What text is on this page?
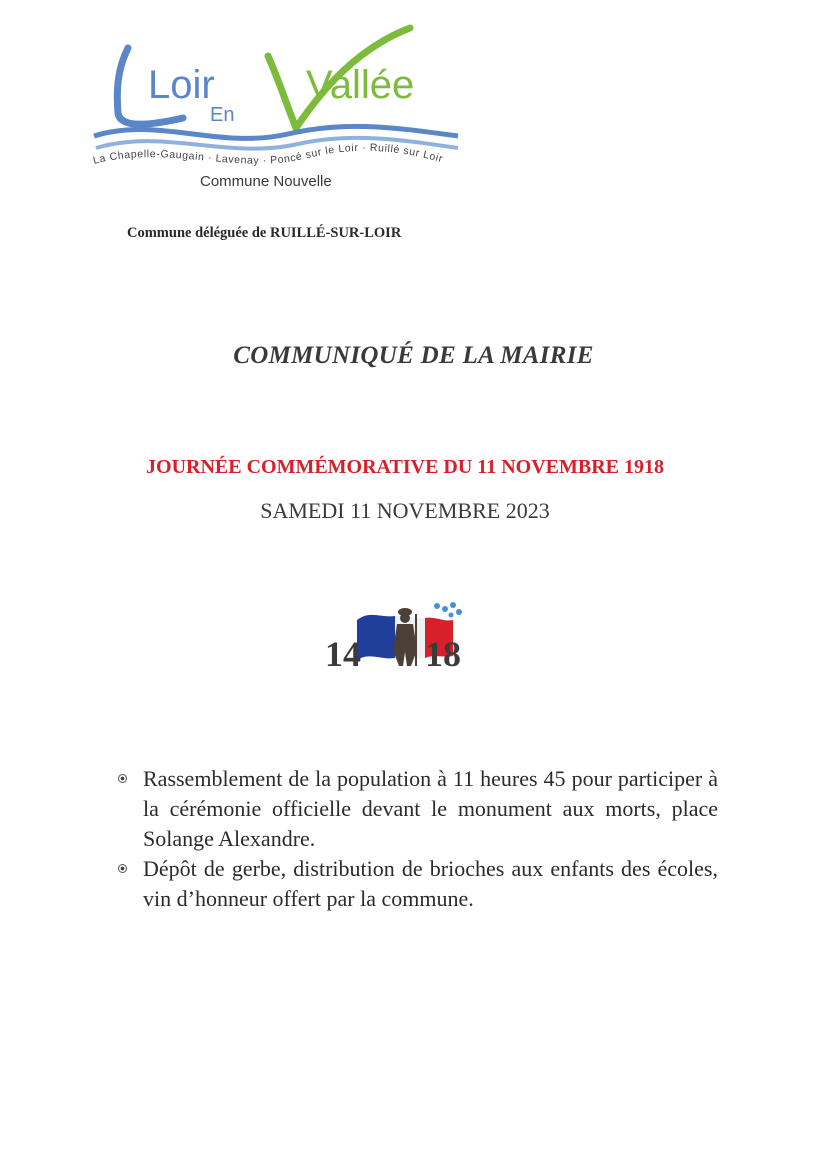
Loir
En
Vallée
La Chapelle-Gaugain · Lavenay · Poncé sur le Loir · Ruillé sur Loir
Commune Nouvelle
Commune déléguée de RUILLÉ-SUR-LOIR
COMMUNIQUÉ DE LA MAIRIE
JOURNÉE COMMÉMORATIVE DU 11 NOVEMBRE 1918
SAMEDI 11 NOVEMBRE 2023
14 18
Rassemblement de la population à 11 heures 45 pour participer à la cérémonie officielle devant le monument aux morts, place Solange Alexandre.
Dépôt de gerbe, distribution de brioches aux enfants des écoles, vin d’honneur offert par la commune.
